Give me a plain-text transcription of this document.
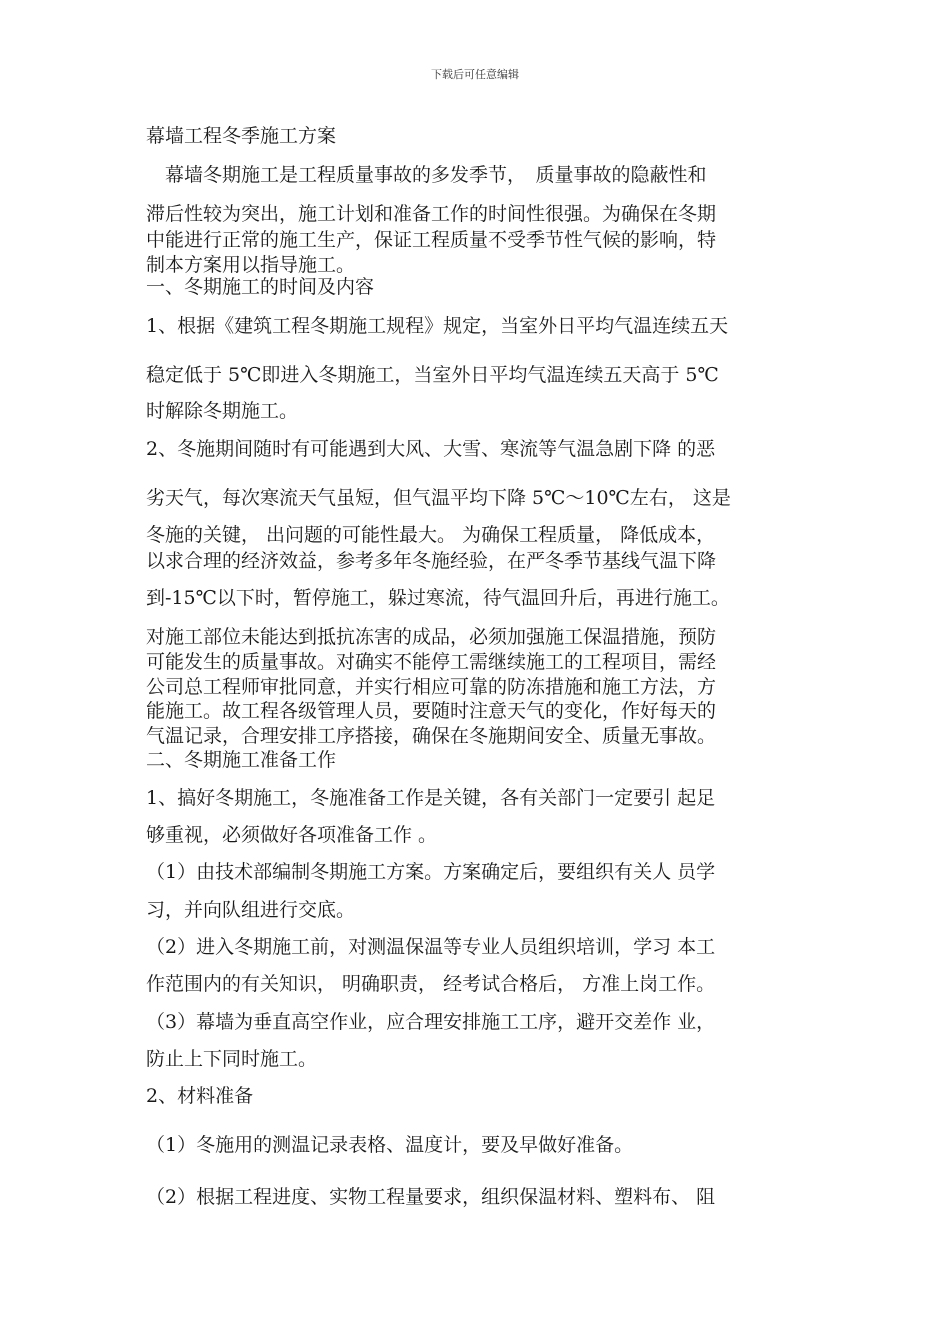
下载后可任意编辑
幕墙工程冬季施工方案
　幕墙冬期施工是工程质量事故的多发季节，　质量事故的隐蔽性和
滞后性较为突出，施工计划和准备工作的时间性很强。为确保在冬期
中能进行正常的施工生产，保证工程质量不受季节性气候的影响，特
制本方案用以指导施工。
一、冬期施工的时间及内容
1、根据《建筑工程冬期施工规程》规定，当室外日平均气温连续五天
稳定低于 5℃即进入冬期施工，当室外日平均气温连续五天高于 5℃
时解除冬期施工。
2、冬施期间随时有可能遇到大风、大雪、寒流等气温急剧下降 的恶
劣天气，每次寒流天气虽短，但气温平均下降 5℃～10℃左右， 这是
冬施的关键， 出问题的可能性最大。 为确保工程质量， 降低成本，
以求合理的经济效益，参考多年冬施经验，在严冬季节基线气温下降
到-15℃以下时，暂停施工，躲过寒流，待气温回升后，再进行施工。
对施工部位未能达到抵抗冻害的成品，必须加强施工保温措施，预防
可能发生的质量事故。对确实不能停工需继续施工的工程项目，需经
公司总工程师审批同意，并实行相应可靠的防冻措施和施工方法，方
能施工。故工程各级管理人员，要随时注意天气的变化，作好每天的
气温记录，合理安排工序搭接，确保在冬施期间安全、质量无事故。
二、冬期施工准备工作
1、搞好冬期施工，冬施准备工作是关键，各有关部门一定要引 起足
够重视，必须做好各项准备工作 。
（1）由技术部编制冬期施工方案。方案确定后，要组织有关人 员学
习，并向队组进行交底。
（2）进入冬期施工前，对测温保温等专业人员组织培训，学习 本工
作范围内的有关知识， 明确职责， 经考试合格后， 方准上岗工作。
（3）幕墙为垂直高空作业，应合理安排施工工序，避开交差作 业，
防止上下同时施工。
2、材料准备
（1）冬施用的测温记录表格、温度计，要及早做好准备。
（2）根据工程进度、实物工程量要求，组织保温材料、塑料布、 阻
